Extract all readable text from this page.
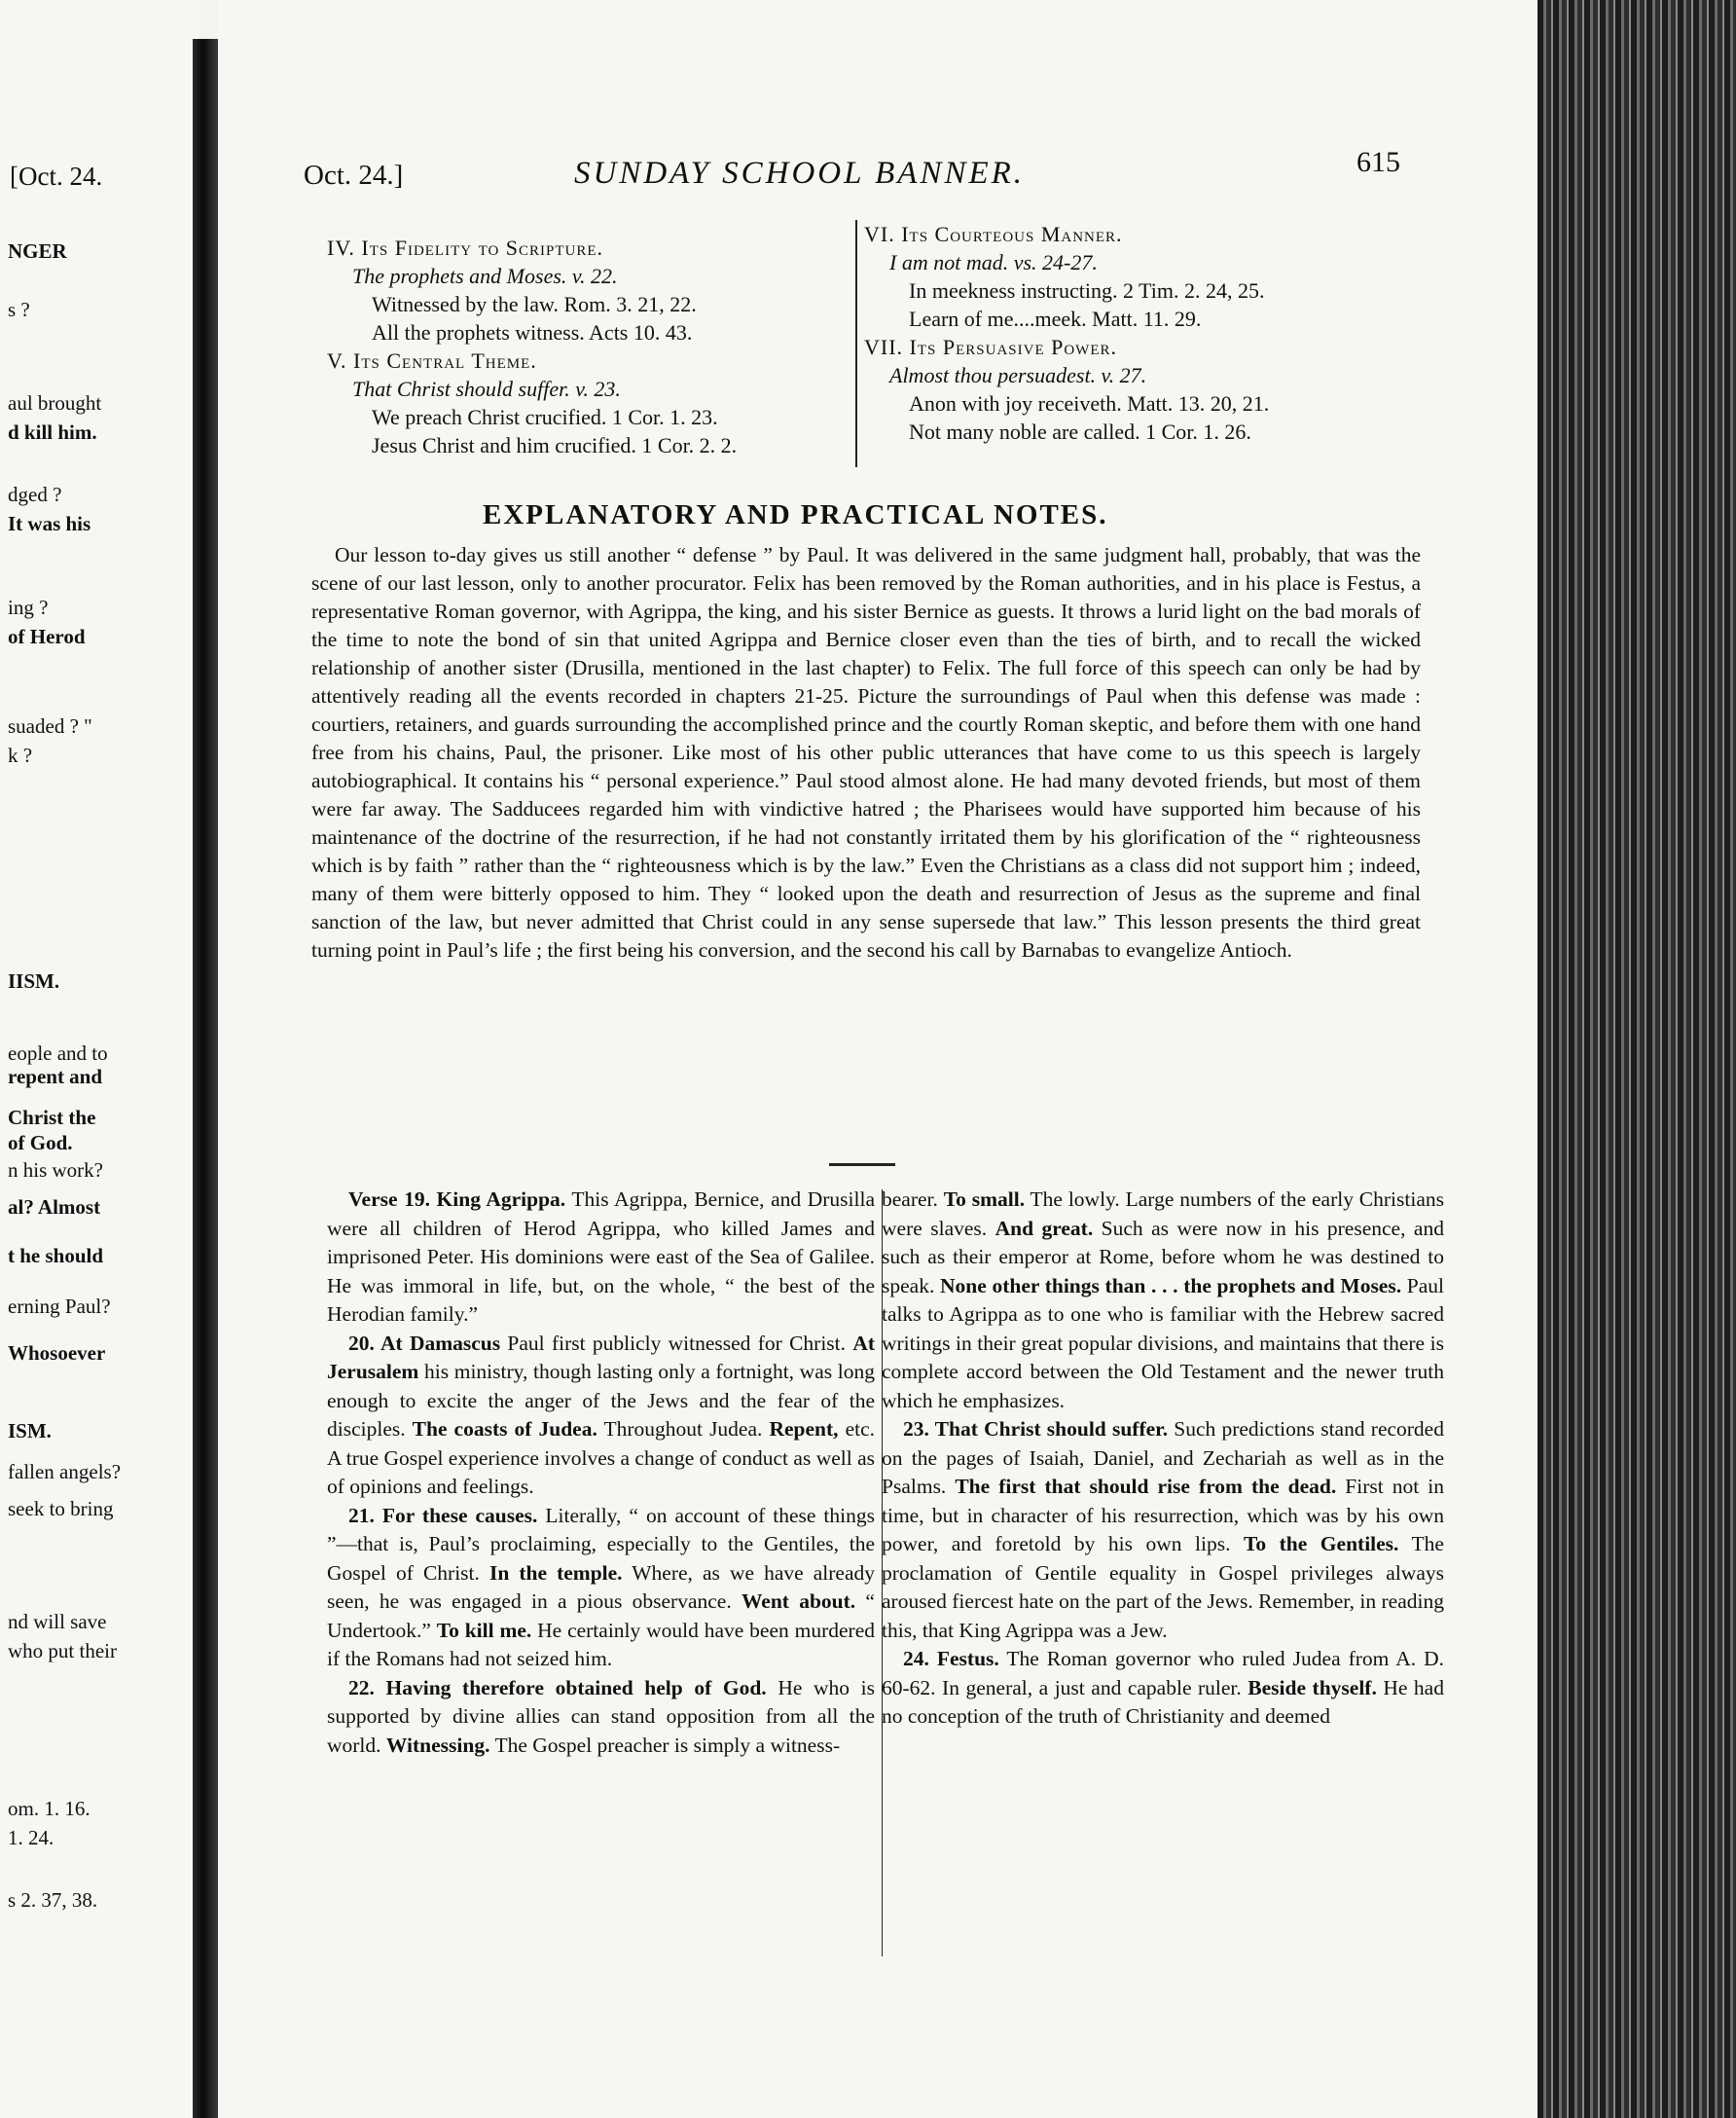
[Oct. 24.
NGER
s ?
aul brought
d kill him.
dged ?
It was his
ing ?
of Herod
suaded ? "
k ?
IISM.
eople and to
repent and
Christ the
of God.
n his work?
al? Almost
t he should
erning Paul?
Whosoever
ISM.
fallen angels?
seek to bring
nd will save
who put their
om. 1. 16.
1. 24.
s 2. 37, 38.
Oct. 24.]	SUNDAY SCHOOL BANNER.	615
IV. Its Fidelity to Scripture.
The prophets and Moses. v. 22.
Witnessed by the law. Rom. 3. 21, 22.
All the prophets witness. Acts 10. 43.
V. Its Central Theme.
That Christ should suffer. v. 23.
We preach Christ crucified. 1 Cor. 1. 23.
Jesus Christ and him crucified. 1 Cor. 2. 2.
VI. Its Courteous Manner.
I am not mad. vs. 24-27.
In meekness instructing. 2 Tim. 2. 24, 25.
Learn of me....meek. Matt. 11. 29.
VII. Its Persuasive Power.
Almost thou persuadest. v. 27.
Anon with joy receiveth. Matt. 13. 20, 21.
Not many noble are called. 1 Cor. 1. 26.
EXPLANATORY AND PRACTICAL NOTES.
Our lesson to-day gives us still another “ defense ” by Paul. It was delivered in the same judgment hall, probably, that was the scene of our last lesson, only to another procurator. Felix has been removed by the Roman authorities, and in his place is Festus, a representative Roman governor, with Agrippa, the king, and his sister Bernice as guests. It throws a lurid light on the bad morals of the time to note the bond of sin that united Agrippa and Bernice closer even than the ties of birth, and to recall the wicked relationship of another sister (Drusilla, mentioned in the last chapter) to Felix. The full force of this speech can only be had by attentively reading all the events recorded in chapters 21-25. Picture the surroundings of Paul when this defense was made : courtiers, retainers, and guards surrounding the accomplished prince and the courtly Roman skeptic, and before them with one hand free from his chains, Paul, the prisoner. Like most of his other public utterances that have come to us this speech is largely autobiographical. It contains his “ personal experience.” Paul stood almost alone. He had many devoted friends, but most of them were far away. The Sadducees regarded him with vindictive hatred ; the Pharisees would have supported him because of his maintenance of the doctrine of the resurrection, if he had not constantly irritated them by his glorification of the “ righteousness which is by faith ” rather than the “ righteousness which is by the law.” Even the Christians as a class did not support him ; indeed, many of them were bitterly opposed to him. They “ looked upon the death and resurrection of Jesus as the supreme and final sanction of the law, but never admitted that Christ could in any sense supersede that law.” This lesson presents the third great turning point in Paul’s life ; the first being his conversion, and the second his call by Barnabas to evangelize Antioch.

Verse 19. King Agrippa. This Agrippa, Bernice, and Drusilla were all children of Herod Agrippa, who killed James and imprisoned Peter. His dominions were east of the Sea of Galilee. He was immoral in life, but, on the whole, “ the best of the Herodian family.”

20. At Damascus Paul first publicly witnessed for Christ. At Jerusalem his ministry, though lasting only a fortnight, was long enough to excite the anger of the Jews and the fear of the disciples. The coasts of Judea. Throughout Judea. Repent, etc. A true Gospel experience involves a change of conduct as well as of opinions and feelings.

21. For these causes. Literally, “ on account of these things ”—that is, Paul’s proclaiming, especially to the Gentiles, the Gospel of Christ. In the temple. Where, as we have already seen, he was engaged in a pious observance. Went about. “ Undertook.” To kill me. He certainly would have been murdered if the Romans had not seized him.

22. Having therefore obtained help of God. He who is supported by divine allies can stand opposition from all the world. Witnessing. The Gospel preacher is simply a witness-

bearer. To small. The lowly. Large numbers of the early Christians were slaves. And great. Such as were now in his presence, and such as their emperor at Rome, before whom he was destined to speak. None other things than . . . the prophets and Moses. Paul talks to Agrippa as to one who is familiar with the Hebrew sacred writings in their great popular divisions, and maintains that there is complete accord between the Old Testament and the newer truth which he emphasizes.

23. That Christ should suffer. Such predictions stand recorded on the pages of Isaiah, Daniel, and Zechariah as well as in the Psalms. The first that should rise from the dead. First not in time, but in character of his resurrection, which was by his own power, and foretold by his own lips. To the Gentiles. The proclamation of Gentile equality in Gospel privileges always aroused fiercest hate on the part of the Jews. Remember, in reading this, that King Agrippa was a Jew.

24. Festus. The Roman governor who ruled Judea from A. D. 60-62. In general, a just and capable ruler. Beside thyself. He had no conception of the truth of Christianity and deemed
